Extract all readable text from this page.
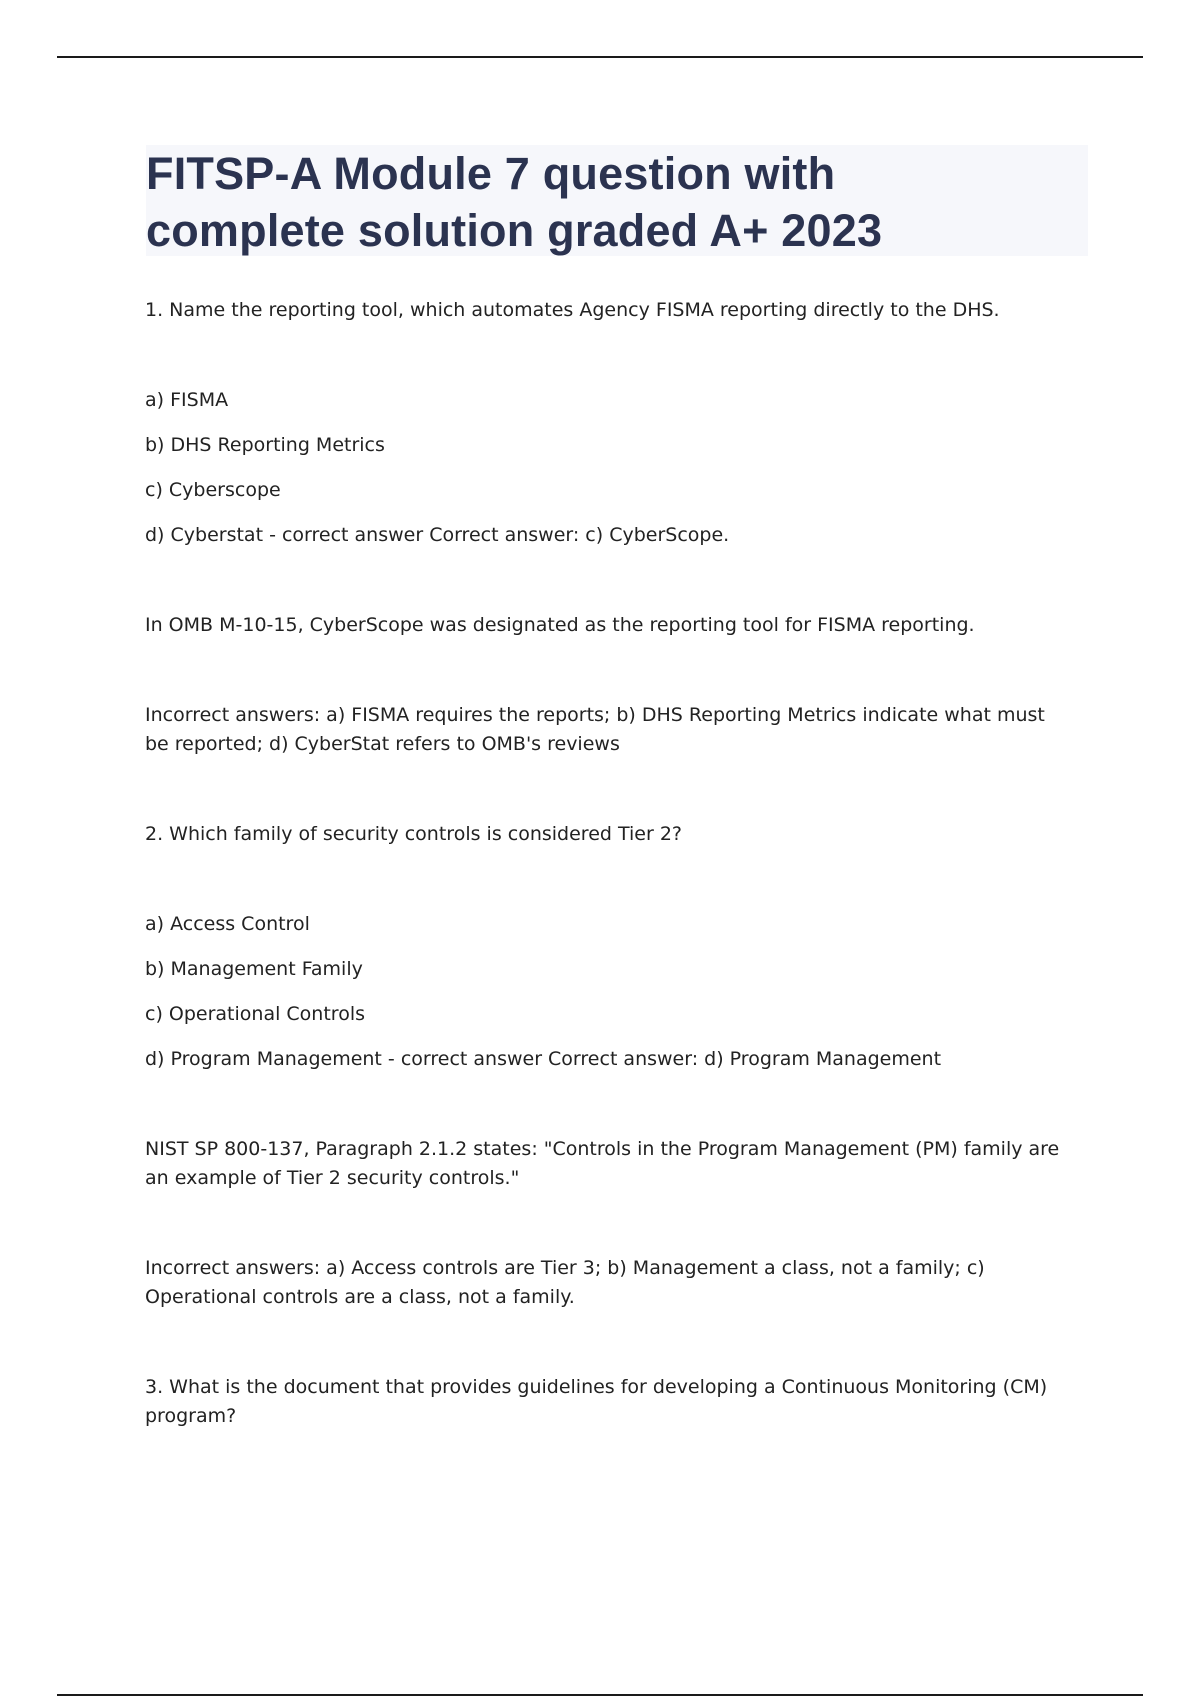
FITSP-A Module 7 question with complete solution graded A+ 2023

1. Name the reporting tool, which automates Agency FISMA reporting directly to the DHS.

a) FISMA

b) DHS Reporting Metrics

c) Cyberscope

d) Cyberstat - correct answer Correct answer: c) CyberScope.

In OMB M-10-15, CyberScope was designated as the reporting tool for FISMA reporting.

Incorrect answers: a) FISMA requires the reports; b) DHS Reporting Metrics indicate what must be reported; d) CyberStat refers to OMB's reviews

2. Which family of security controls is considered Tier 2?

a) Access Control

b) Management Family

c) Operational Controls

d) Program Management - correct answer Correct answer: d) Program Management

NIST SP 800-137, Paragraph 2.1.2 states: "Controls in the Program Management (PM) family are an example of Tier 2 security controls."

Incorrect answers: a) Access controls are Tier 3; b) Management a class, not a family; c) Operational controls are a class, not a family.

3. What is the document that provides guidelines for developing a Continuous Monitoring (CM) program?
